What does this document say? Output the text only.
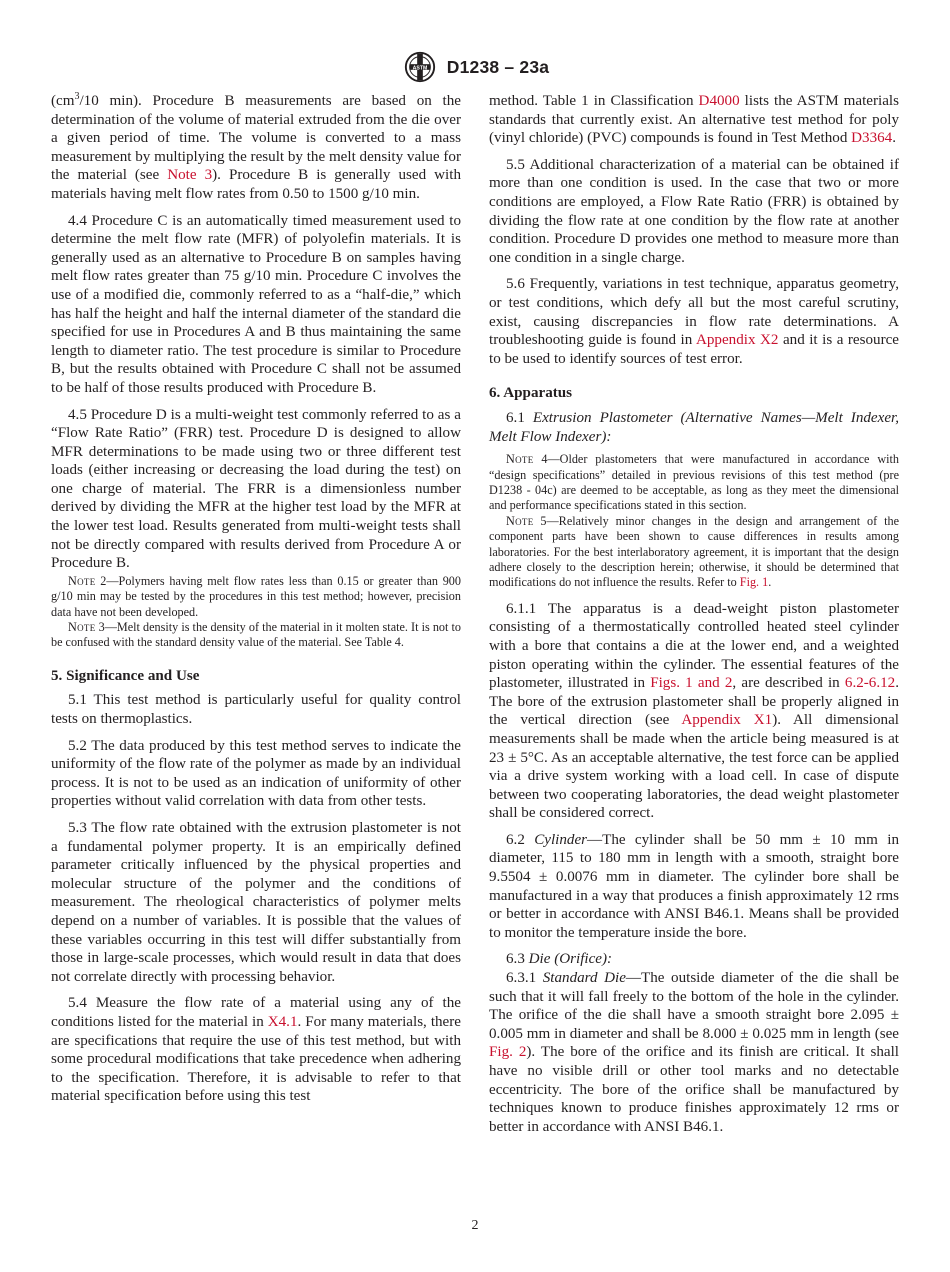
ASTM D1238 – 23a

($cm^3/10$ min). Procedure B measurements are based on the determination of the volume of material extruded from the die over a given period of time. The volume is converted to a mass measurement by multiplying the result by the melt density value for the material (see Note 3). Procedure B is generally used with materials having melt flow rates from 0.50 to 1500 g/10 min.

4.4 Procedure C is an automatically timed measurement used to determine the melt flow rate (MFR) of polyolefin materials. It is generally used as an alternative to Procedure B on samples having melt flow rates greater than 75 g/10 min. Procedure C involves the use of a modified die, commonly referred to as a “half-die,” which has half the height and half the internal diameter of the standard die specified for use in Procedures A and B thus maintaining the same length to diameter ratio. The test procedure is similar to Procedure B, but the results obtained with Procedure C shall not be assumed to be half of those results produced with Procedure B.

4.5 Procedure D is a multi-weight test commonly referred to as a “Flow Rate Ratio” (FRR) test. Procedure D is designed to allow MFR determinations to be made using two or three different test loads (either increasing or decreasing the load during the test) on one charge of material. The FRR is a dimensionless number derived by dividing the MFR at the higher test load by the MFR at the lower test load. Results generated from multi-weight tests shall not be directly compared with results derived from Procedure A or Procedure B.

Note 2—Polymers having melt flow rates less than 0.15 or greater than 900 g/10 min may be tested by the procedures in this test method; however, precision data have not been developed.
Note 3—Melt density is the density of the material in it molten state. It is not to be confused with the standard density value of the material. See Table 4.
5. Significance and Use

5.1 This test method is particularly useful for quality control tests on thermoplastics.

5.2 The data produced by this test method serves to indicate the uniformity of the flow rate of the polymer as made by an individual process. It is not to be used as an indication of uniformity of other properties without valid correlation with data from other tests.

5.3 The flow rate obtained with the extrusion plastometer is not a fundamental polymer property. It is an empirically defined parameter critically influenced by the physical properties and molecular structure of the polymer and the conditions of measurement. The rheological characteristics of polymer melts depend on a number of variables. It is possible that the values of these variables occurring in this test will differ substantially from those in large-scale processes, which would result in data that does not correlate directly with processing behavior.

5.4 Measure the flow rate of a material using any of the conditions listed for the material in X4.1. For many materials, there are specifications that require the use of this test method, but with some procedural modifications that take precedence when adhering to the specification. Therefore, it is advisable to refer to that material specification before using this test

method. Table 1 in Classification D4000 lists the ASTM materials standards that currently exist. An alternative test method for poly (vinyl chloride) (PVC) compounds is found in Test Method D3364.

5.5 Additional characterization of a material can be obtained if more than one condition is used. In the case that two or more conditions are employed, a Flow Rate Ratio (FRR) is obtained by dividing the flow rate at one condition by the flow rate at another condition. Procedure D provides one method to measure more than one condition in a single charge.

5.6 Frequently, variations in test technique, apparatus geometry, or test conditions, which defy all but the most careful scrutiny, exist, causing discrepancies in flow rate determinations. A troubleshooting guide is found in Appendix X2 and it is a resource to be used to identify sources of test error.

6. Apparatus

6.1 Extrusion Plastometer (Alternative Names—Melt Indexer, Melt Flow Indexer):

Note 4—Older plastometers that were manufactured in accordance with “design specifications” detailed in previous revisions of this test method (pre D1238 - 04c) are deemed to be acceptable, as long as they meet the dimensional and performance specifications stated in this section.
Note 5—Relatively minor changes in the design and arrangement of the component parts have been shown to cause differences in results among laboratories. For the best interlaboratory agreement, it is important that the design adhere closely to the description herein; otherwise, it should be determined that modifications do not influence the results. Refer to Fig. 1.

6.1.1 The apparatus is a dead-weight piston plastometer consisting of a thermostatically controlled heated steel cylinder with a bore that contains a die at the lower end, and a weighted piston operating within the cylinder. The essential features of the plastometer, illustrated in Figs. 1 and 2, are described in 6.2-6.12. The bore of the extrusion plastometer shall be properly aligned in the vertical direction (see Appendix X1). All dimensional measurements shall be made when the article being measured is at 23 ± 5°C. As an acceptable alternative, the test force can be applied via a drive system working with a load cell. In case of dispute between two cooperating laboratories, the dead weight plastometer shall be considered correct.

6.2 Cylinder—The cylinder shall be 50 mm ± 10 mm in diameter, 115 to 180 mm in length with a smooth, straight bore 9.5504 ± 0.0076 mm in diameter. The cylinder bore shall be manufactured in a way that produces a finish approximately 12 rms or better in accordance with ANSI B46.1. Means shall be provided to monitor the temperature inside the bore.

6.3 Die (Orifice):

6.3.1 Standard Die—The outside diameter of the die shall be such that it will fall freely to the bottom of the hole in the cylinder. The orifice of the die shall have a smooth straight bore 2.095 ± 0.005 mm in diameter and shall be 8.000 ± 0.025 mm in length (see Fig. 2). The bore of the orifice and its finish are critical. It shall have no visible drill or other tool marks and no detectable eccentricity. The bore of the orifice shall be manufactured by techniques known to produce finishes approximately 12 rms or better in accordance with ANSI B46.1.

2
